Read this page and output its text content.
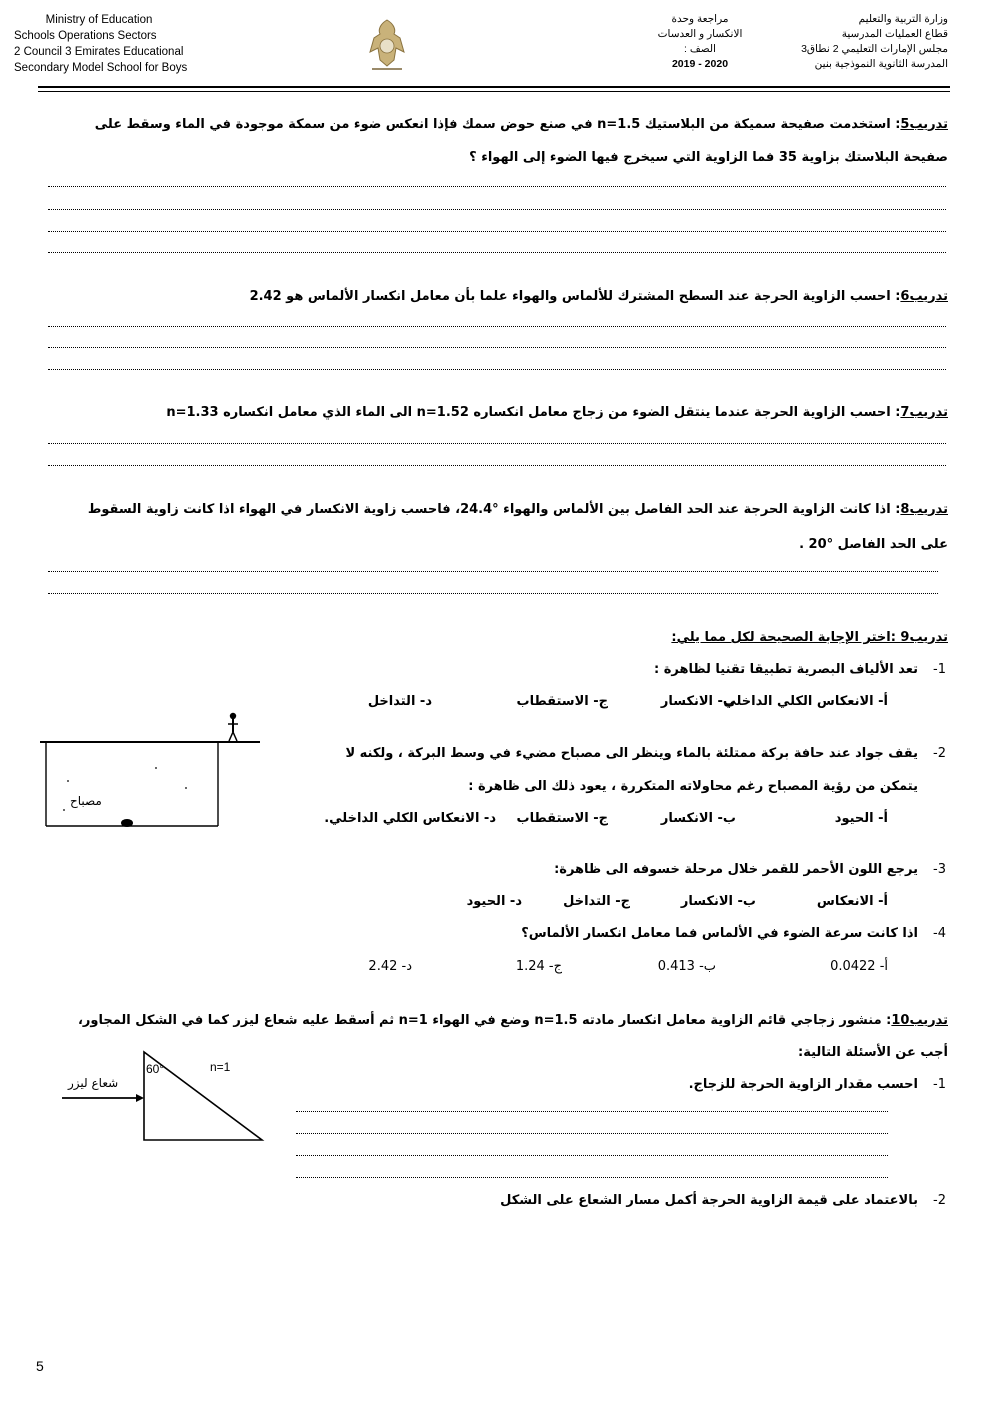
Ministry of Education
Schools Operations Sectors
2 Council 3 Emirates Educational
Secondary Model School for Boys
مراجعة وحدة
الانكسار و العدسات
الصف :
2020 - 2019
وزارة التربية والتعليم
قطاع العمليات المدرسية
مجلس الإمارات التعليمي 2 نطاق3
المدرسة الثانوية النموذجية بنين
تدريب5: استخدمت صفيحة سميكة من البلاستيك n=1.5 في صنع حوض سمك فإذا انعكس ضوء من سمكة موجودة في الماء وسقط على
صفيحة البلاستك بزاوية 35 فما الزاوية التي سيخرج فيها الضوء إلى الهواء ؟
تدريب6: احسب الزاوية الحرجة عند السطح المشترك للألماس والهواء علما بأن معامل انكسار الألماس هو 2.42
تدريب7: احسب الزاوية الحرجة عندما ينتقل الضوء من زجاج معامل انكساره n=1.52 الى الماء الذي معامل انكساره n=1.33
تدريب8: اذا كانت الزاوية الحرجة عند الحد الفاصل بين الألماس والهواء °24.4، فاحسب زاوية الانكسار في الهواء اذا كانت زاوية السقوط
على الحد الفاصل °20 .
تدريب9 :اختر الإجابة الصحيحة لكل مما يلي:
تعد الألياف البصرية تطبيقا تقنيا لظاهرة : -1
أ- الانعكاس الكلي الداخلي
ب- الانكسار
ج- الاستقطاب
د- التداخل
مصباح
يقف جواد عند حافة بركة ممتلئة بالماء وينظر الى مصباح مضيء في وسط البركة ، ولكنه لا -2
يتمكن من رؤية المصباح رغم محاولاته المتكررة ، يعود ذلك الى ظاهرة :
أ- الحيود
ب- الانكسار
ج- الاستقطاب
د- الانعكاس الكلي الداخلي.
يرجع اللون الأحمر للقمر خلال مرحلة خسوفه الى ظاهرة: -3
أ- الانعكاس
ب- الانكسار
ج- التداخل
د- الحيود
اذا كانت سرعة الضوء في الألماس فما معامل انكسار الألماس؟ -4
أ- 0.0422
ب- 0.413
ج- 1.24
د- 2.42
تدريب10: منشور زجاجي قائم الزاوية معامل انكسار مادته n=1.5 وضع في الهواء n=1 ثم أسقط عليه شعاع ليزر كما في الشكل المجاور،
أجب عن الأسئلة التالية:
60°	n=1
شعاع ليزر	احسب مقدار الزاوية الحرجة للزجاج. -1
بالاعتماد على قيمة الزاوية الحرجة أكمل مسار الشعاع على الشكل -2
5
